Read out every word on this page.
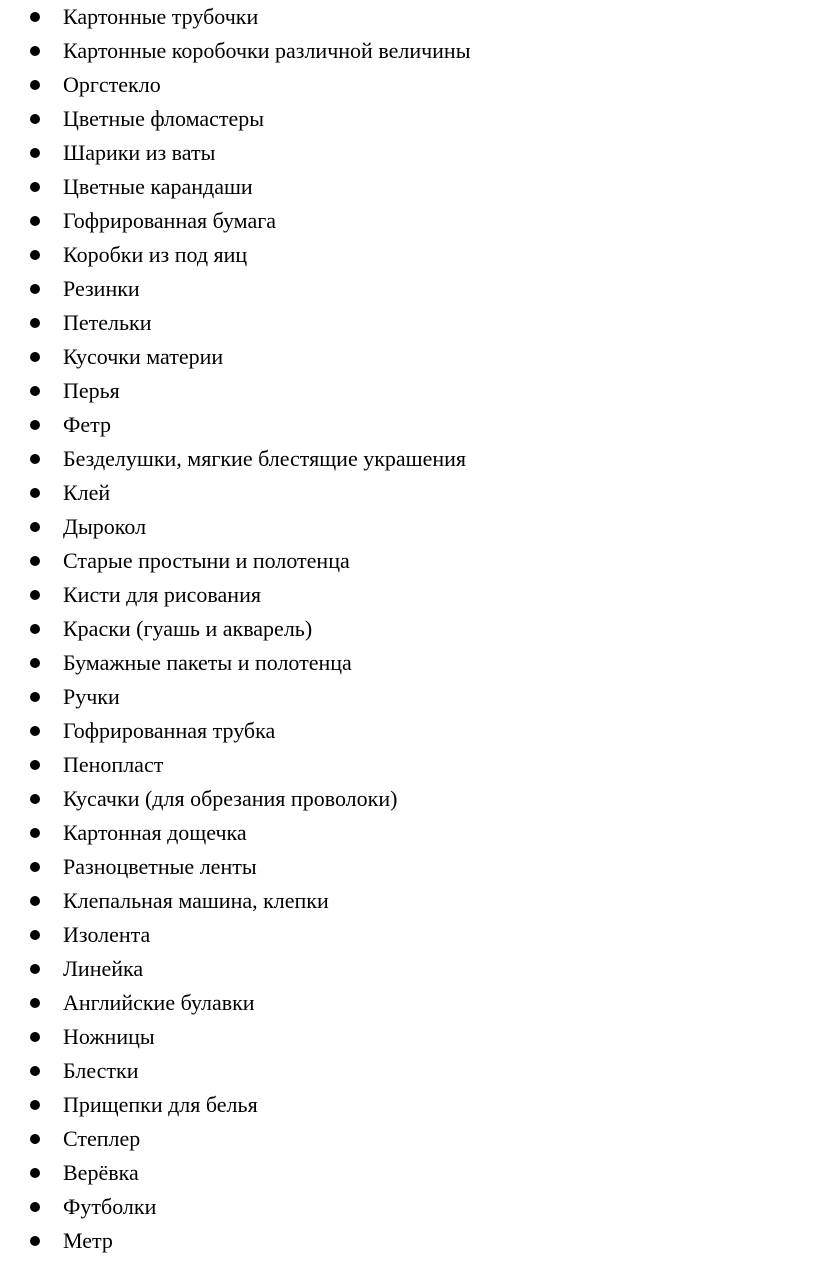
Картонные трубочки
Картонные коробочки различной величины
Оргстекло
Цветные фломастеры
Шарики из ваты
Цветные карандаши
Гофрированная бумага
Коробки из под яиц
Резинки
Петельки
Кусочки материи
Перья
Фетр
Безделушки, мягкие блестящие украшения
Клей
Дырокол
Старые простыни и полотенца
Кисти для рисования
Краски (гуашь и акварель)
Бумажные пакеты и полотенца
Ручки
Гофрированная трубка
Пенопласт
Кусачки (для обрезания проволоки)
Картонная дощечка
Разноцветные ленты
Клепальная машина, клепки
Изолента
Линейка
Английские булавки
Ножницы
Блестки
Прищепки для белья
Степлер
Верёвка
Футболки
Метр
